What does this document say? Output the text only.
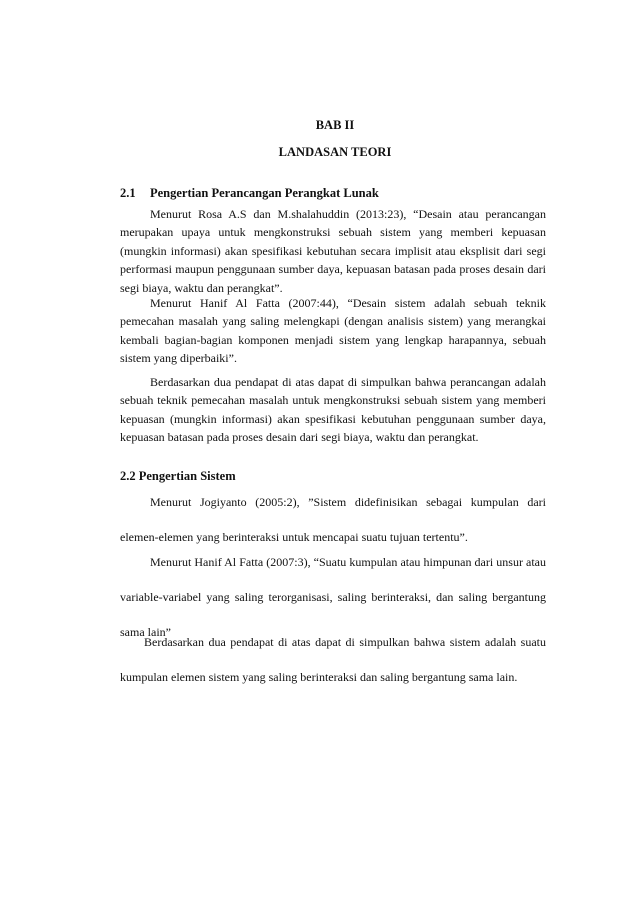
BAB II
LANDASAN TEORI
2.1 Pengertian Perancangan Perangkat Lunak

Menurut Rosa A.S dan M.shalahuddin (2013:23), “Desain atau perancangan merupakan upaya untuk mengkonstruksi sebuah sistem yang memberi kepuasan (mungkin informasi) akan spesifikasi kebutuhan secara implisit atau eksplisit dari segi performasi maupun penggunaan sumber daya, kepuasan batasan pada proses desain dari segi biaya, waktu dan perangkat”.

Menurut Hanif Al Fatta (2007:44), “Desain sistem adalah sebuah teknik pemecahan masalah yang saling melengkapi (dengan analisis sistem) yang merangkai kembali bagian-bagian komponen menjadi sistem yang lengkap harapannya, sebuah sistem yang diperbaiki”.

Berdasarkan dua pendapat di atas dapat di simpulkan bahwa perancangan adalah sebuah teknik pemecahan masalah untuk mengkonstruksi sebuah sistem yang memberi kepuasan (mungkin informasi) akan spesifikasi kebutuhan penggunaan sumber daya, kepuasan batasan pada proses desain dari segi biaya, waktu dan perangkat.

2.2 Pengertian Sistem

Menurut Jogiyanto (2005:2), ”Sistem didefinisikan sebagai kumpulan dari elemen-elemen yang berinteraksi untuk mencapai suatu tujuan tertentu”.

Menurut Hanif Al Fatta (2007:3), “Suatu kumpulan atau himpunan dari unsur atau variable-variabel yang saling terorganisasi, saling berinteraksi, dan saling bergantung sama lain”

Berdasarkan dua pendapat di atas dapat di simpulkan bahwa sistem adalah suatu kumpulan elemen sistem yang saling berinteraksi dan saling bergantung sama lain.
